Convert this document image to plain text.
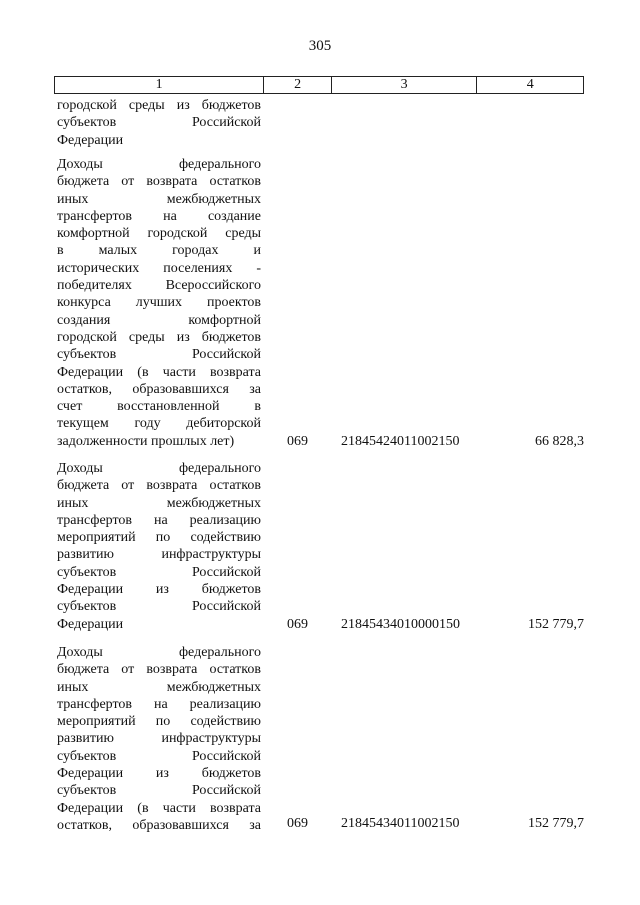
305
1	2	3	4
городской среды из бюджетов
субъектов Российской
Федерации
Доходы федерального
бюджета от возврата остатков
иных межбюджетных
трансфертов на создание
комфортной городской среды
в малых городах и
исторических поселениях -
победителях Всероссийского
конкурса лучших проектов
создания комфортной
городской среды из бюджетов
субъектов Российской
Федерации (в части возврата
остатков, образовавшихся за
счет восстановленной в
текущем году дебиторской
задолженности прошлых лет)	069	21845424011002150	66 828,3
Доходы федерального
бюджета от возврата остатков
иных межбюджетных
трансфертов на реализацию
мероприятий по содействию
развитию инфраструктуры
субъектов Российской
Федерации из бюджетов
субъектов Российской
Федерации	069	21845434010000150	152 779,7
Доходы федерального
бюджета от возврата остатков
иных межбюджетных
трансфертов на реализацию
мероприятий по содействию
развитию инфраструктуры
субъектов Российской
Федерации из бюджетов
субъектов Российской
Федерации (в части возврата
остатков, образовавшихся за 069	21845434011002150	152 779,7
